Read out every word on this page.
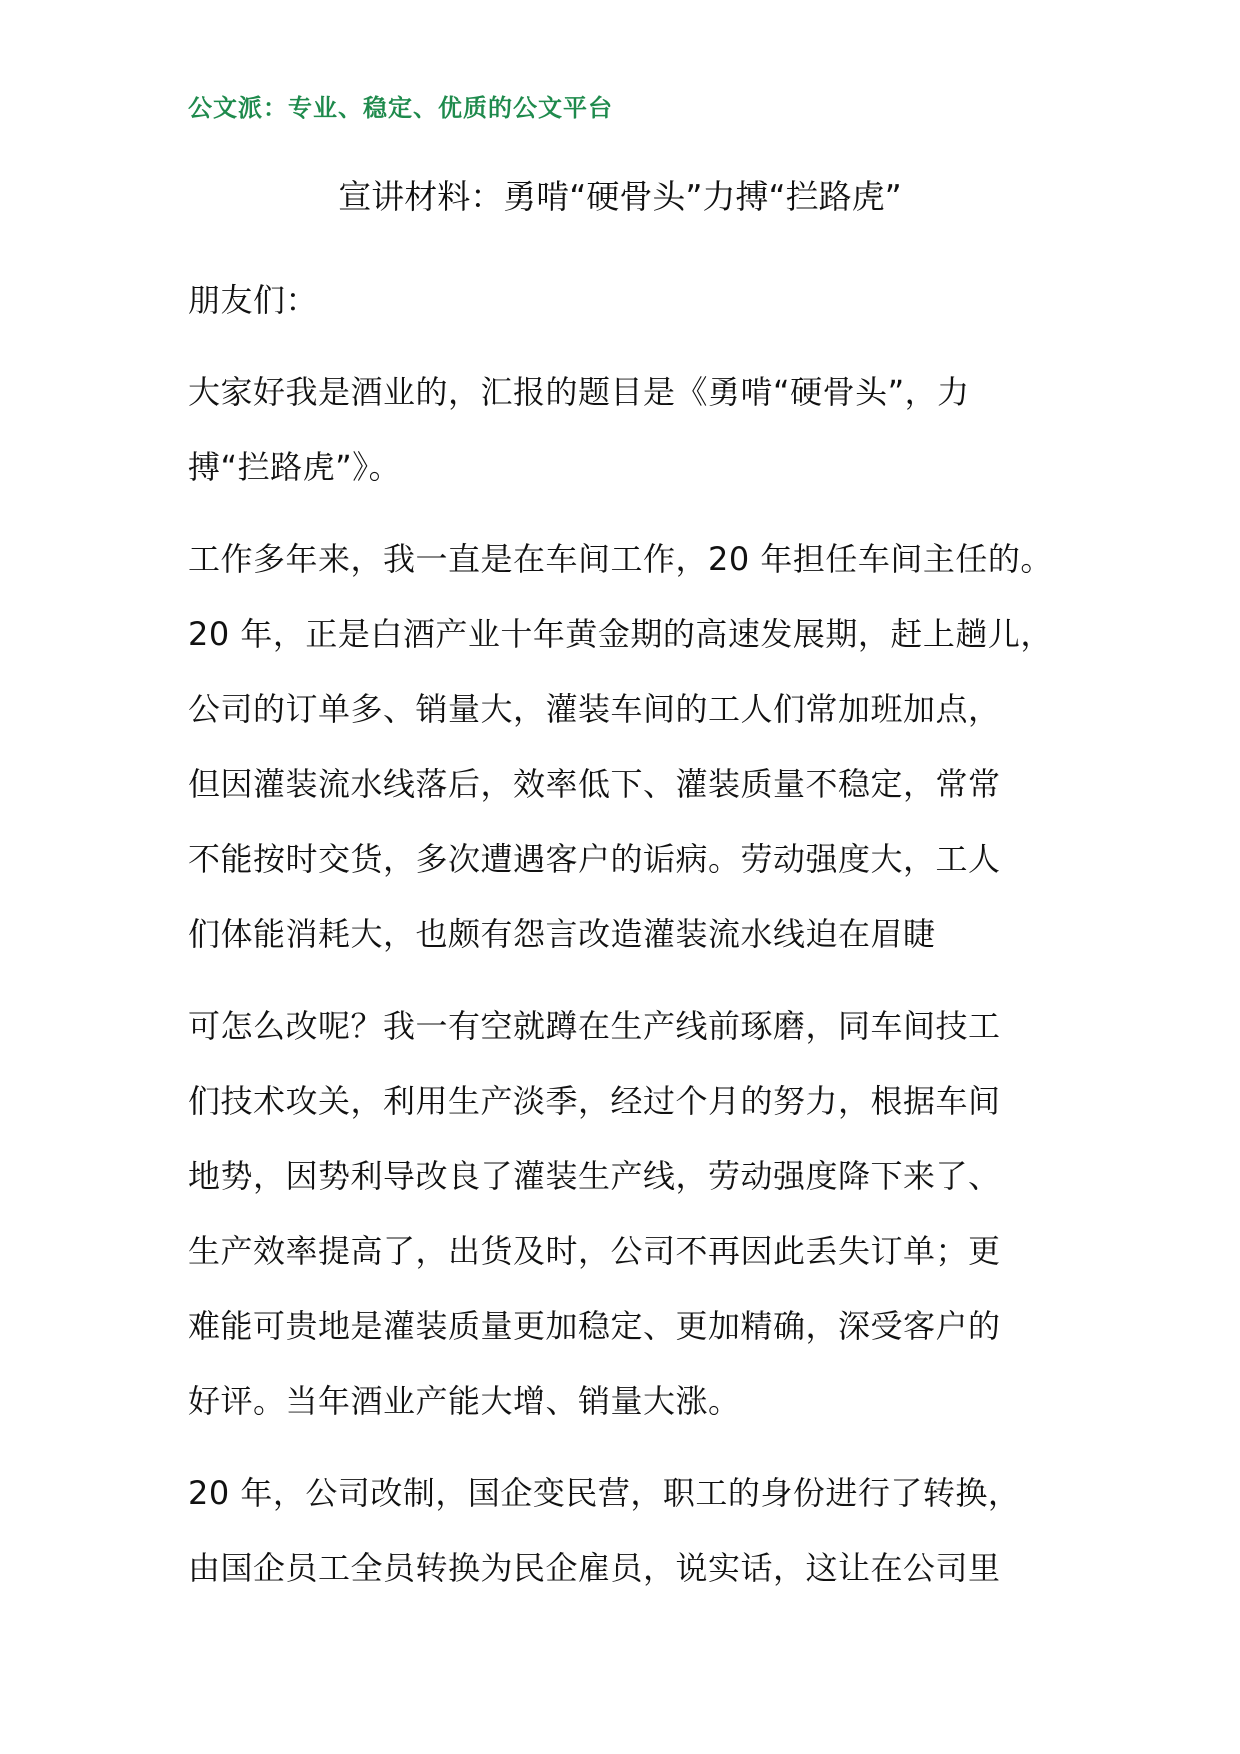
公文派：专业、稳定、优质的公文平台
宣讲材料：勇啃“硬骨头”力搏“拦路虎”
朋友们：
大家好我是酒业的，汇报的题目是《勇啃“硬骨头”，力
搏“拦路虎”》。
工作多年来，我一直是在车间工作，20 年担任车间主任的。
20 年，正是白酒产业十年黄金期的高速发展期，赶上趟儿，
公司的订单多、销量大，灌装车间的工人们常加班加点，
但因灌装流水线落后，效率低下、灌装质量不稳定，常常
不能按时交货，多次遭遇客户的诟病。劳动强度大，工人
们体能消耗大，也颇有怨言改造灌装流水线迫在眉睫
可怎么改呢？我一有空就蹲在生产线前琢磨，同车间技工
们技术攻关，利用生产淡季，经过个月的努力，根据车间
地势，因势利导改良了灌装生产线，劳动强度降下来了、
生产效率提高了，出货及时，公司不再因此丢失订单；更
难能可贵地是灌装质量更加稳定、更加精确，深受客户的
好评。当年酒业产能大增、销量大涨。
20 年，公司改制，国企变民营，职工的身份进行了转换，
由国企员工全员转换为民企雇员，说实话，这让在公司里
